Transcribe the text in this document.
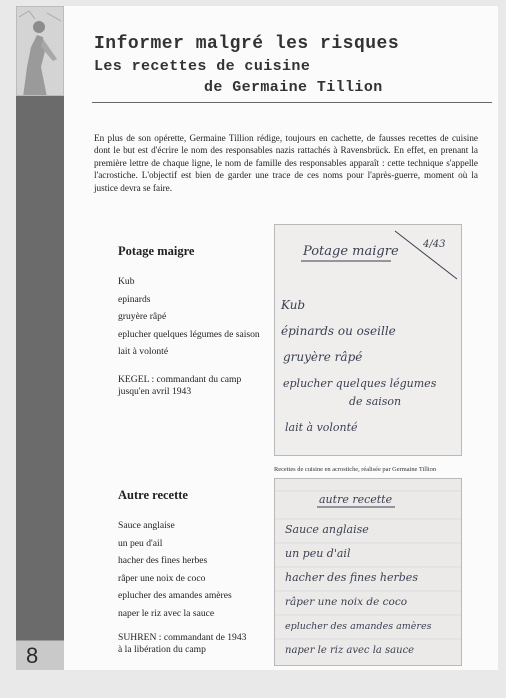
8
Informer malgré les risques
Les recettes de cuisine
de Germaine Tillion

En plus de son opérette, Germaine Tillion rédige, toujours en cachette, de fausses recettes de cuisine dont le but est d'écrire le nom des responsables nazis rattachés à Ravensbrück. En effet, en prenant la première lettre de chaque ligne, le nom de famille des responsables apparaît : cette technique s'appelle l'acrostiche. L'objectif est bien de garder une trace de ces noms pour l'après-guerre, moment où la justice devra se faire.

Potage maigre
Kub
epinards
gruyère râpé
eplucher quelques légumes de saison
lait à volonté
KEGEL : commandant du camp
jusqu'en avril 1943
Potage maigre 4/43
Kub
épinards ou oseille
gruyère râpé
eplucher quelques légumes
de saison
lait à volonté
Recettes de cuisine en acrostiche, réalisée par Germaine Tillion
Autre recette
Sauce anglaise
un peu d'ail
hacher des fines herbes
râper une noix de coco
eplucher des amandes amères
naper le riz avec la sauce
SUHREN : commandant de 1943
à la libération du camp
autre recette
Sauce anglaise
un peu d'ail
hacher des fines herbes
râper une noix de coco
eplucher des amandes amères
naper le riz avec la sauce
